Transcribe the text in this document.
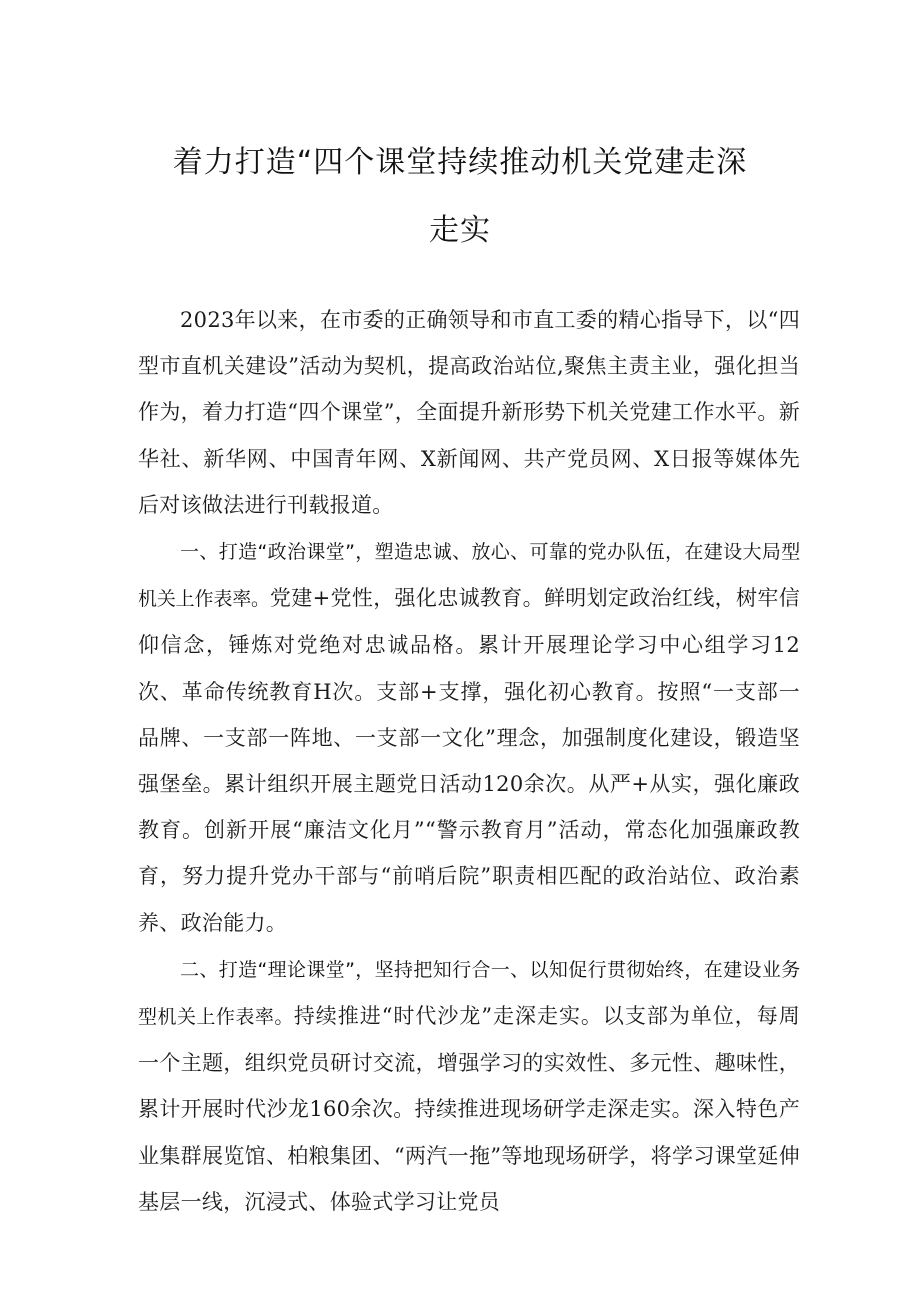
着力打造“四个课堂持续推动机关党建走深
走实

2023年以来，在市委的正确领导和市直工委的精心指导下，以“四型市直机关建设”活动为契机，提高政治站位,聚焦主责主业，强化担当作为，着力打造“四个课堂”，全面提升新形势下机关党建工作水平。新华社、新华网、中国青年网、X新闻网、共产党员网、X日报等媒体先后对该做法进行刊载报道。

一、打造“政治课堂”，塑造忠诚、放心、可靠的党办队伍，在建设大局型机关上作表率。党建+党性，强化忠诚教育。鲜明划定政治红线，树牢信仰信念，锤炼对党绝对忠诚品格。累计开展理论学习中心组学习12次、革命传统教育H次。支部+支撑，强化初心教育。按照“一支部一品牌、一支部一阵地、一支部一文化”理念，加强制度化建设，锻造坚强堡垒。累计组织开展主题党日活动120余次。从严+从实，强化廉政教育。创新开展“廉洁文化月”“警示教育月”活动，常态化加强廉政教育，努力提升党办干部与“前哨后院”职责相匹配的政治站位、政治素养、政治能力。

二、打造“理论课堂”，坚持把知行合一、以知促行贯彻始终，在建设业务型机关上作表率。持续推进“时代沙龙”走深走实。以支部为单位，每周一个主题，组织党员研讨交流，增强学习的实效性、多元性、趣味性，累计开展时代沙龙160余次。持续推进现场研学走深走实。深入特色产业集群展览馆、柏粮集团、“两汽一拖”等地现场研学，将学习课堂延伸基层一线，沉浸式、体验式学习让党员
